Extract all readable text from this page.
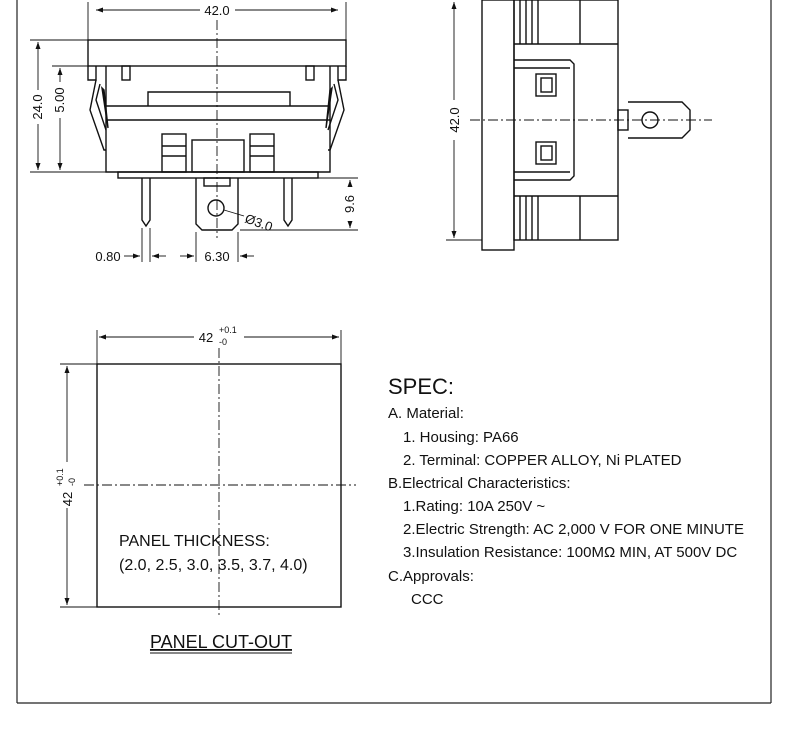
42.0
24.0 5.00
9.6
Ø3.0
0.80	6.30
42.0
42 +0.1
-0
42
+0.1 -0
PANEL THICKNESS:
(2.0, 2.5, 3.0, 3.5, 3.7, 4.0)
PANEL CUT-OUT
SPEC:
A. Material:
1. Housing: PA66
2. Terminal: COPPER ALLOY, Ni PLATED
B.Electrical Characteristics:
1.Rating: 10A 250V ~
2.Electric Strength: AC 2,000 V FOR ONE MINUTE
3.Insulation Resistance: 100MΩ MIN, AT 500V DC
C.Approvals:
CCC
